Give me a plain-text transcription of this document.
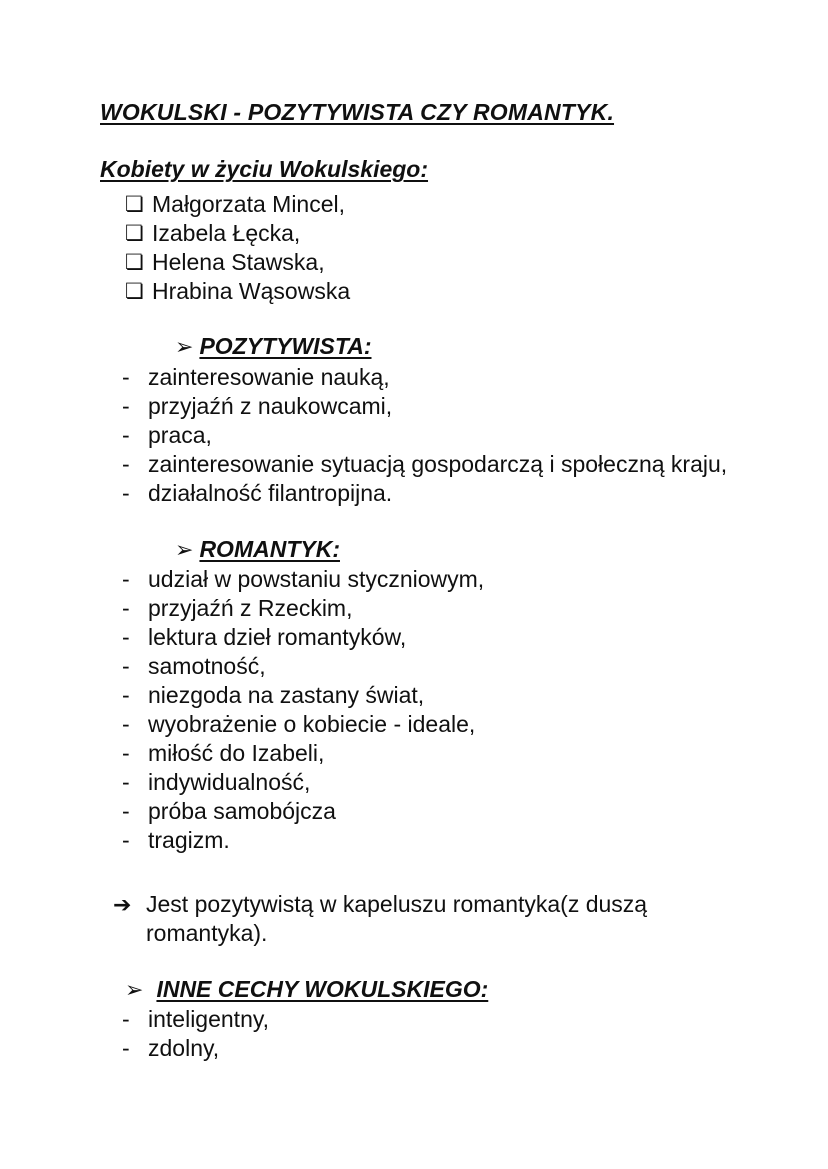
WOKULSKI - POZYTYWISTA CZY ROMANTYK.
Kobiety w życiu Wokulskiego:
❏ Małgorzata Mincel,
❏ Izabela Łęcka,
❏ Helena Stawska,
❏ Hrabina Wąsowska
➢ POZYTYWISTA:
- zainteresowanie nauką,
- przyjaźń z naukowcami,
- praca,
- zainteresowanie sytuacją gospodarczą i społeczną kraju,
- działalność filantropijna.
➢ ROMANTYK:
- udział w powstaniu styczniowym,
- przyjaźń z Rzeckim,
- lektura dzieł romantyków,
- samotność,
- niezgoda na zastany świat,
- wyobrażenie o kobiecie - ideale,
- miłość do Izabeli,
- indywidualność,
- próba samobójcza
- tragizm.
➔ Jest pozytywistą w kapeluszu romantyka(z duszą romantyka).
➢ INNE CECHY WOKULSKIEGO:
- inteligentny,
- zdolny,
